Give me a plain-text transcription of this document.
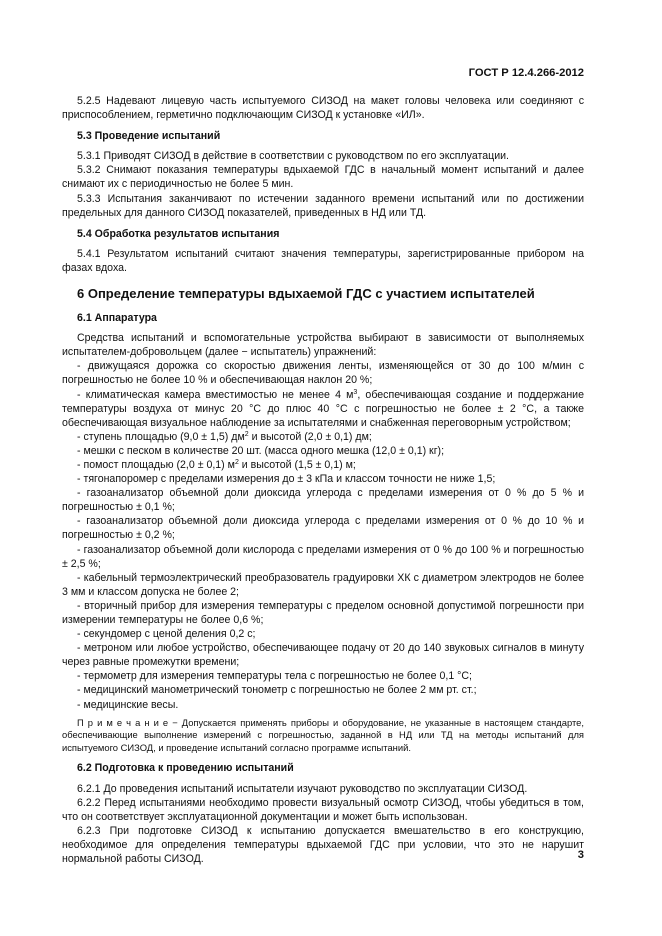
ГОСТ Р 12.4.266-2012

5.2.5 Надевают лицевую часть испытуемого СИЗОД на макет головы человека или соединяют с приспособлением, герметично подключающим СИЗОД к установке «ИЛ».

5.3 Проведение испытаний

5.3.1 Приводят СИЗОД в действие в соответствии с руководством по его эксплуатации.

5.3.2 Снимают показания температуры вдыхаемой ГДС в начальный момент испытаний и далее снимают их с периодичностью не более 5 мин.

5.3.3 Испытания заканчивают по истечении заданного времени испытаний или по достижении предельных для данного СИЗОД показателей, приведенных в НД или ТД.

5.4 Обработка результатов испытания

5.4.1 Результатом испытаний считают значения температуры, зарегистрированные прибором на фазах вдоха.

6 Определение температуры вдыхаемой ГДС с участием испытателей

6.1 Аппаратура

Средства испытаний и вспомогательные устройства выбирают в зависимости от выполняемых испытателем-добровольцем (далее − испытатель) упражнений:

- движущаяся дорожка со скоростью движения ленты, изменяющейся от 30 до 100 м/мин с погрешностью не более 10 % и обеспечивающая наклон 20 %;

- климатическая камера вместимостью не менее 4 $м^3$, обеспечивающая создание и поддержание температуры воздуха от минус 20 °С до плюс 40 °С с погрешностью не более ± 2 °С, а также обеспечивающая визуальное наблюдение за испытателями и снабженная переговорным устройством;

- ступень площадью (9,0 ± 1,5) $дм^2$ и высотой (2,0 ± 0,1) дм;

- мешки с песком в количестве 20 шт. (масса одного мешка (12,0 ± 0,1) кг);

- помост площадью (2,0 ± 0,1) $м^2$ и высотой (1,5 ± 0,1) м;

- тягонапоромер с пределами измерения до ± 3 кПа и классом точности не ниже 1,5;

- газоанализатор объемной доли диоксида углерода с пределами измерения от 0 % до 5 % и погрешностью ± 0,1 %;

- газоанализатор объемной доли диоксида углерода с пределами измерения от 0 % до 10 % и погрешностью ± 0,2 %;

- газоанализатор объемной доли кислорода с пределами измерения от 0 % до 100 % и погрешностью ± 2,5 %;

- кабельный термоэлектрический преобразователь градуировки ХК с диаметром электродов не более 3 мм и классом допуска не более 2;

- вторичный прибор для измерения температуры с пределом основной допустимой погрешности при измерении температуры не более 0,6 %;

- секундомер с ценой деления 0,2 с;

- метроном или любое устройство, обеспечивающее подачу от 20 до 140 звуковых сигналов в минуту через равные промежутки времени;

- термометр для измерения температуры тела с погрешностью не более 0,1 °С;

- медицинский манометрический тонометр с погрешностью не более 2 мм рт. ст.;

- медицинские весы.

П р и м е ч а н и е − Допускается применять приборы и оборудование, не указанные в настоящем стандарте, обеспечивающие выполнение измерений с погрешностью, заданной в НД или ТД на методы испытаний для испытуемого СИЗОД, и проведение испытаний согласно программе испытаний.

6.2 Подготовка к проведению испытаний

6.2.1 До проведения испытаний испытатели изучают руководство по эксплуатации СИЗОД.

6.2.2 Перед испытаниями необходимо провести визуальный осмотр СИЗОД, чтобы убедиться в том, что он соответствует эксплуатационной документации и может быть использован.

6.2.3 При подготовке СИЗОД к испытанию допускается вмешательство в его конструкцию, необходимое для определения температуры вдыхаемой ГДС при условии, что это не нарушит нормальной работы СИЗОД.	3
